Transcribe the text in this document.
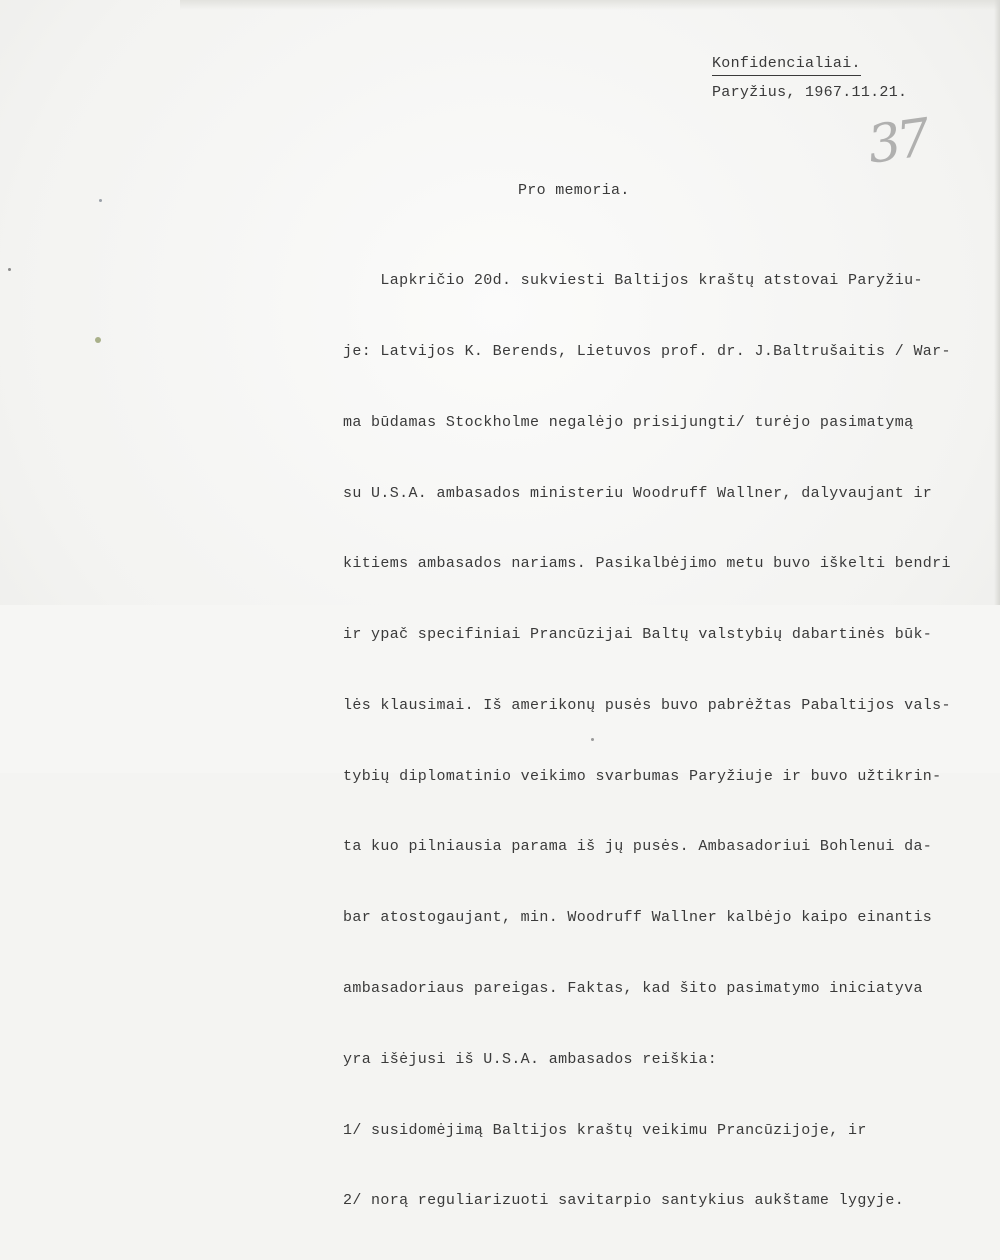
Konfidencialiai.
Paryžius, 1967.11.21.
37
Pro memoria.

Lapkričio 20d. sukviesti Baltijos kraštų atstovai Paryžiu-

je: Latvijos K. Berends, Lietuvos prof. dr. J.Baltrušaitis / War-

ma būdamas Stockholme negalėjo prisijungti/ turėjo pasimatymą

su U.S.A. ambasados ministeriu Woodruff Wallner, dalyvaujant ir

kitiems ambasados nariams. Pasikalbėjimo metu buvo iškelti bendri

ir ypač specifiniai Prancūzijai Baltų valstybių dabartinės būk-

lės klausimai. Iš amerikonų pusės buvo pabrėžtas Pabaltijos vals-

tybių diplomatinio veikimo svarbumas Paryžiuje ir buvo užtikrin-

ta kuo pilniausia parama iš jų pusės. Ambasadoriui Bohlenui da-

bar atostogaujant, min. Woodruff Wallner kalbėjo kaipo einantis

ambasadoriaus pareigas. Faktas, kad šito pasimatymo iniciatyva

yra išėjusi iš U.S.A. ambasados reiškia:

1/ susidomėjimą Baltijos kraštų veikimu Prancūzijoje, ir

2/ norą reguliarizuoti savitarpio santykius aukštame lygyje.
